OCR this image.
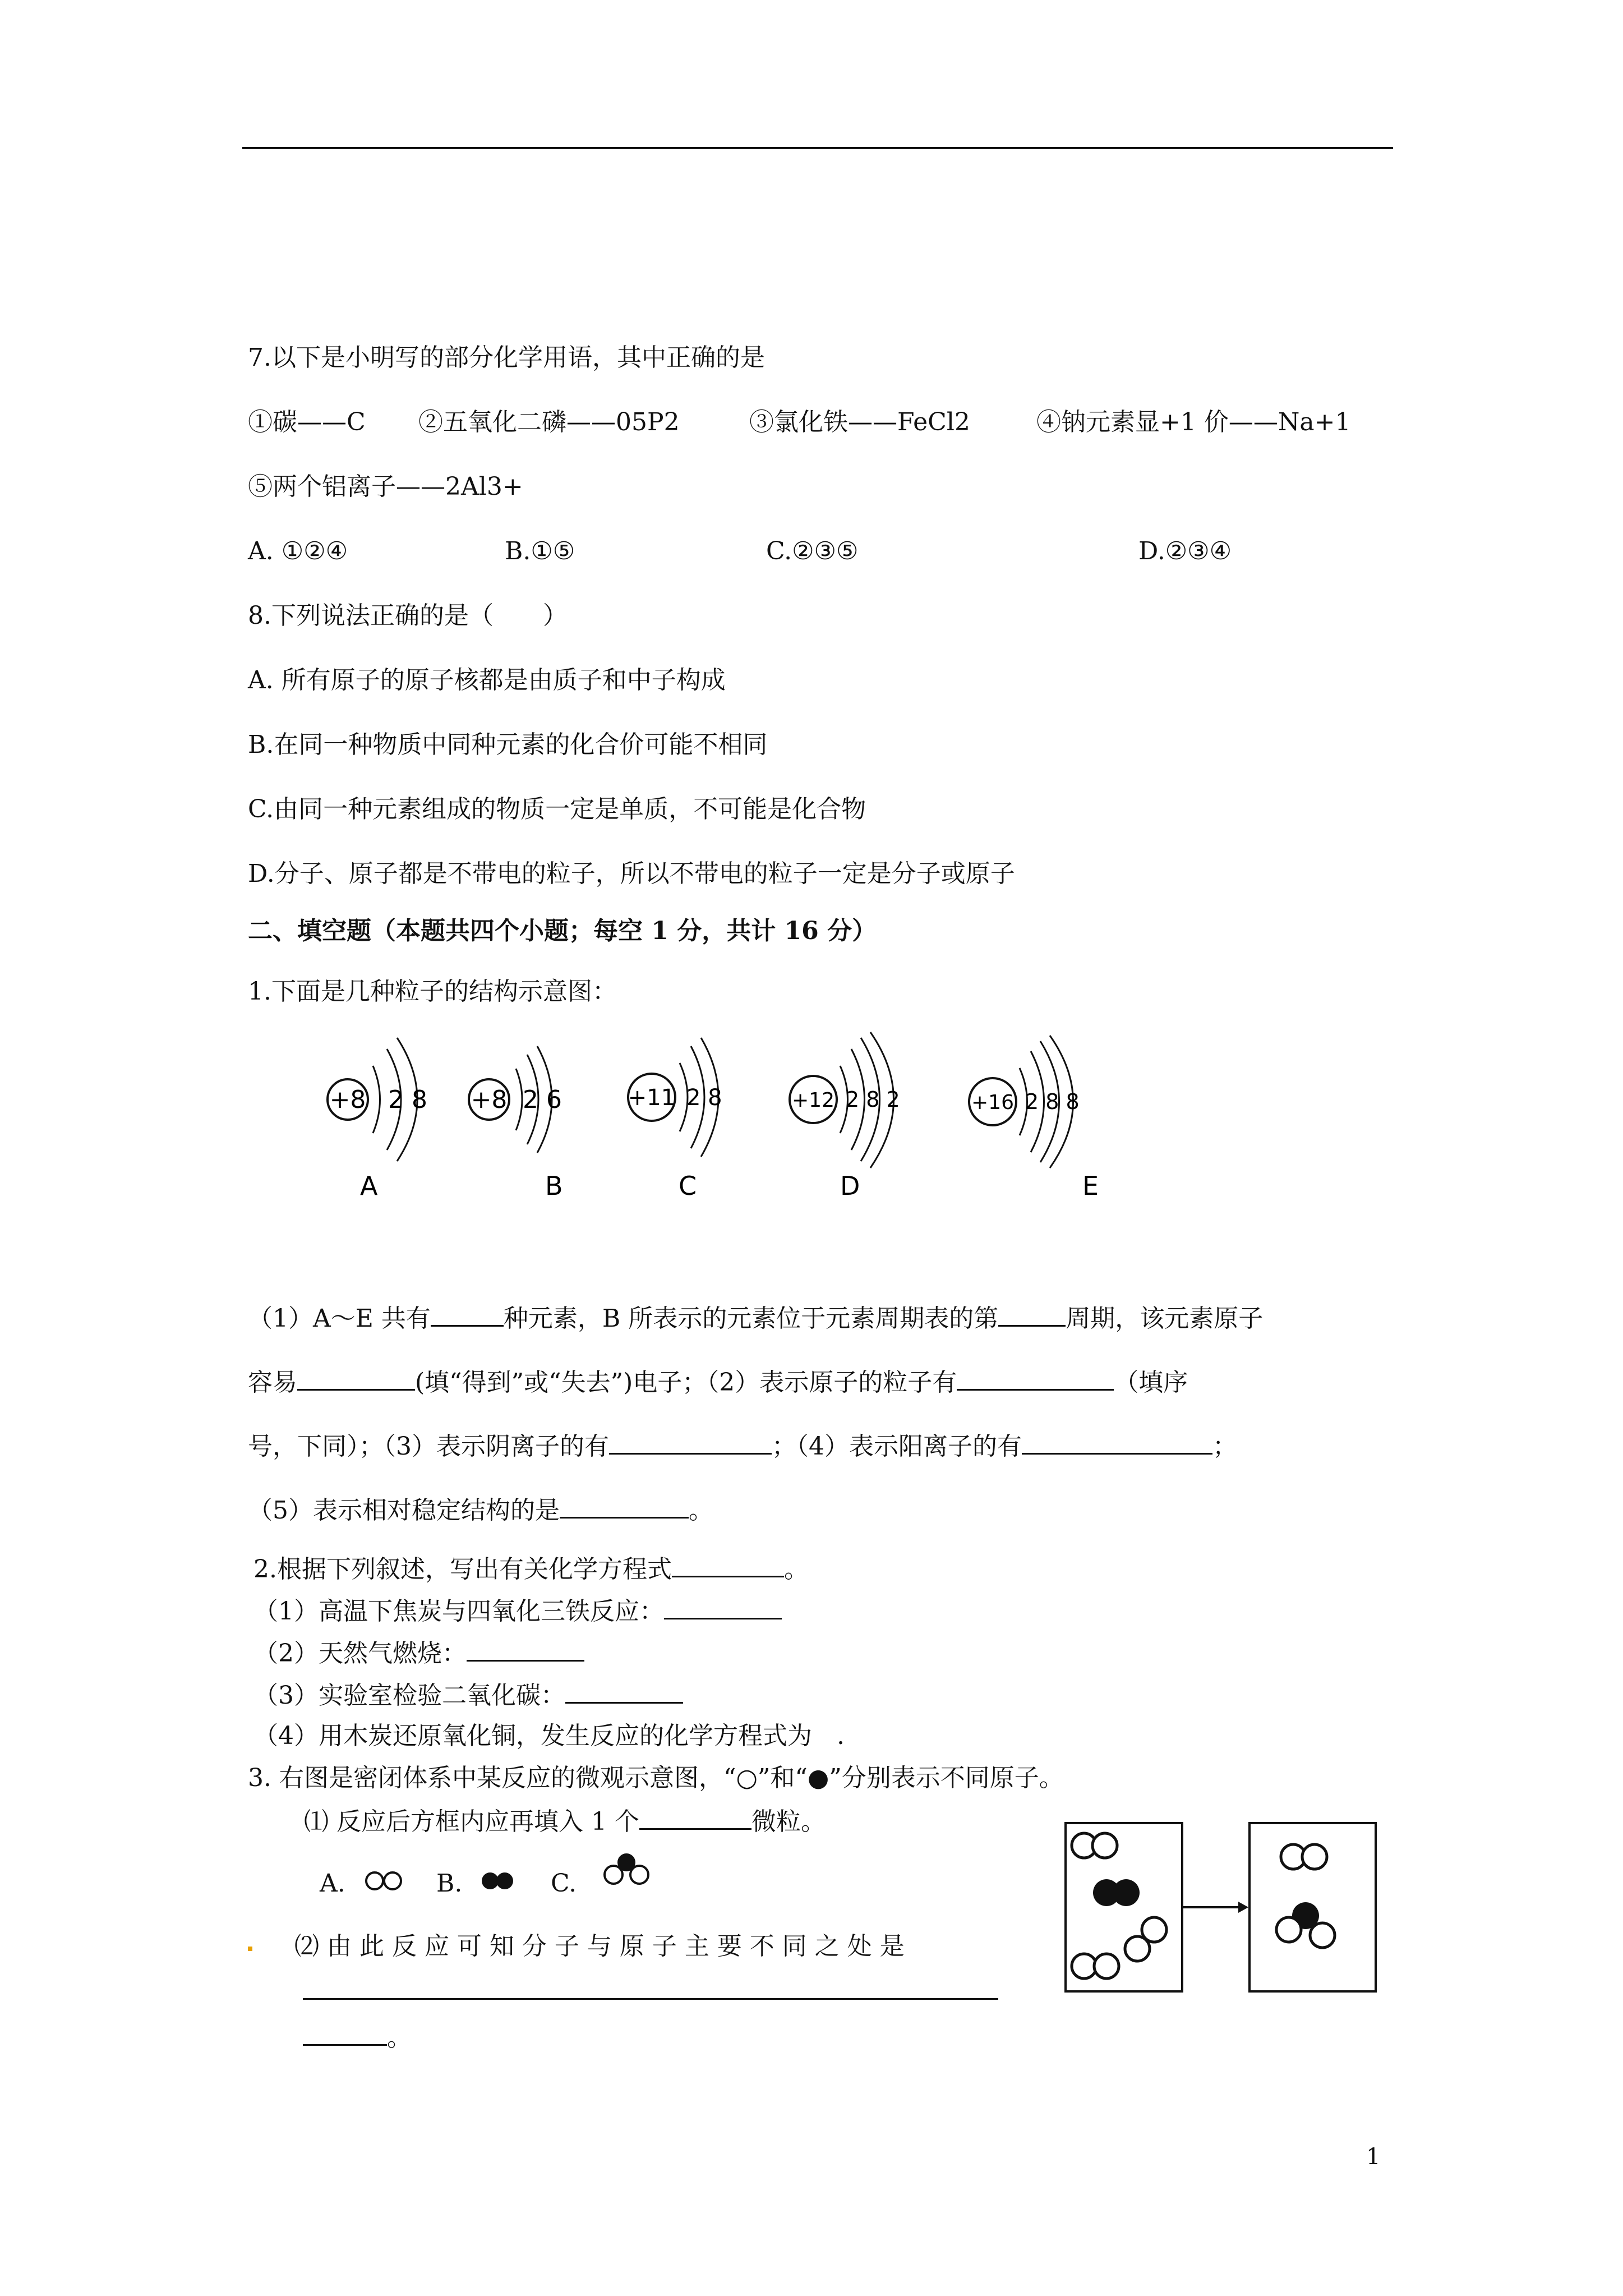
7.以下是小明写的部分化学用语，其中正确的是
①碳——C ②五氧化二磷——05P2	③氯化铁——FeCl2	④钠元素显+1 价——Na+1
⑤两个铝离子——2Al3+
A. ①②④	B.①⑤	C.②③⑤	D.②③④
8.下列说法正确的是（　　）
A. 所有原子的原子核都是由质子和中子构成
B.在同一种物质中同种元素的化合价可能不相同
C.由同一种元素组成的物质一定是单质，不可能是化合物
D.分子、原子都是不带电的粒子，所以不带电的粒子一定是分子或原子
二、填空题（本题共四个小题；每空 1 分，共计 16 分）
1.下面是几种粒子的结构示意图：
+8 2 8 +8 2 6	+11 2 8	+12 2 8 2	+16 2 8 8
A	B	C	D	E
（1）A～E 共有	种元素，B 所表示的元素位于元素周期表的第	周期，该元素原子
容易	(填“得到”或“失去”)电子；（2）表示原子的粒子有	（填序
号，下同）；（3）表示阴离子的有	；（4）表示阳离子的有	；
（5）表示相对稳定结构的是	。
2.根据下列叙述，写出有关化学方程式	。
（1）高温下焦炭与四氧化三铁反应：
（2）天然气燃烧：
（3）实验室检验二氧化碳：
（4）用木炭还原氧化铜，发生反应的化学方程式为　.
3. 右图是密闭体系中某反应的微观示意图，“○”和“●”分别表示不同原子。
⑴ 反应后方框内应再填入 1 个	微粒。
A.	B.	C.
⑵ 由 此 反 应 可 知 分 子 与 原 子 主 要 不 同 之 处 是
。
1
